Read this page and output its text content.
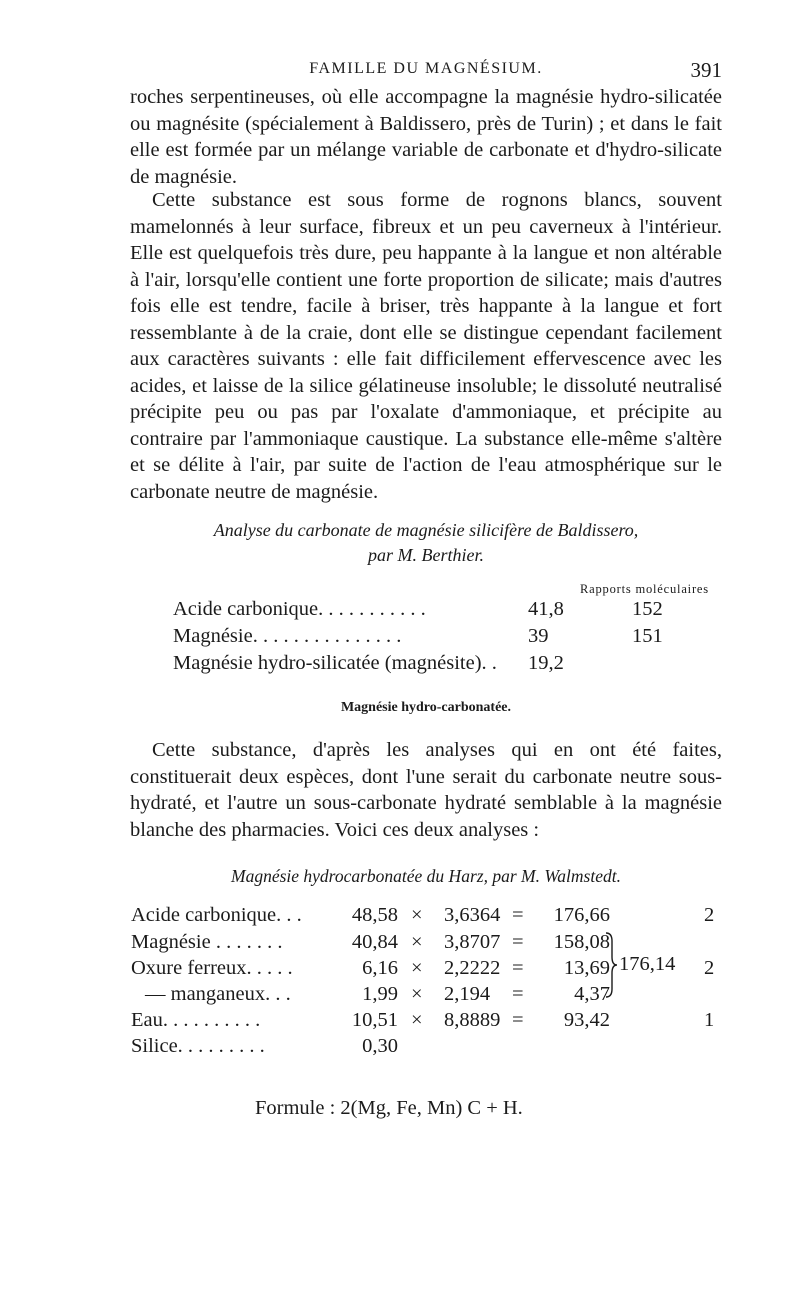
FAMILLE DU MAGNÉSIUM.	391
roches serpentineuses, où elle accompagne la magnésie hydro-silicatée ou magnésite (spécialement à Baldissero, près de Turin) ; et dans le fait elle est formée par un mélange variable de carbonate et d'hydro-silicate de magnésie.
Cette substance est sous forme de rognons blancs, souvent mamelonnés à leur surface, fibreux et un peu caverneux à l'intérieur. Elle est quelquefois très dure, peu happante à la langue et non altérable à l'air, lorsqu'elle contient une forte proportion de silicate; mais d'autres fois elle est tendre, facile à briser, très happante à la langue et fort ressemblante à de la craie, dont elle se distingue cependant facilement aux caractères suivants : elle fait difficilement effervescence avec les acides, et laisse de la silice gélatineuse insoluble; le dissoluté neutralisé précipite peu ou pas par l'oxalate d'ammoniaque, et précipite au contraire par l'ammoniaque caustique. La substance elle-même s'altère et se délite à l'air, par suite de l'action de l'eau atmosphérique sur le carbonate neutre de magnésie.
Analyse du carbonate de magnésie silicifère de Baldissero,
par M. Berthier.
Rapports moléculaires
Acide carbonique. . . . . . . . . . .	41,8	152
Magnésie. . . . . . . . . . . . . . .	39	151
Magnésie hydro-silicatée (magnésite). . 19,2
Magnésie hydro-carbonatée.
Cette substance, d'après les analyses qui en ont été faites, constituerait deux espèces, dont l'une serait du carbonate neutre sous-hydraté, et l'autre un sous-carbonate hydraté semblable à la magnésie blanche des pharmacies. Voici ces deux analyses :
Magnésie hydrocarbonatée du Harz, par M. Walmstedt.
Acide carbonique. . .	48,58 × 3,6364 =	176,66	2
Magnésie . . . . . . .	40,84 × 3,8707 =	158,08
Oxure ferreux. . . . .	6,16 × 2,2222 =	13,69	2
— manganeux. . .	1,99 × 2,194 =	4,37
Eau. . . . . . . . . .	10,51 × 8,8889 =	93,42	1
Silice. . . . . . . . .	0,30
176,14
Formule : 2(Mg, Fe, Mn) C + H.
